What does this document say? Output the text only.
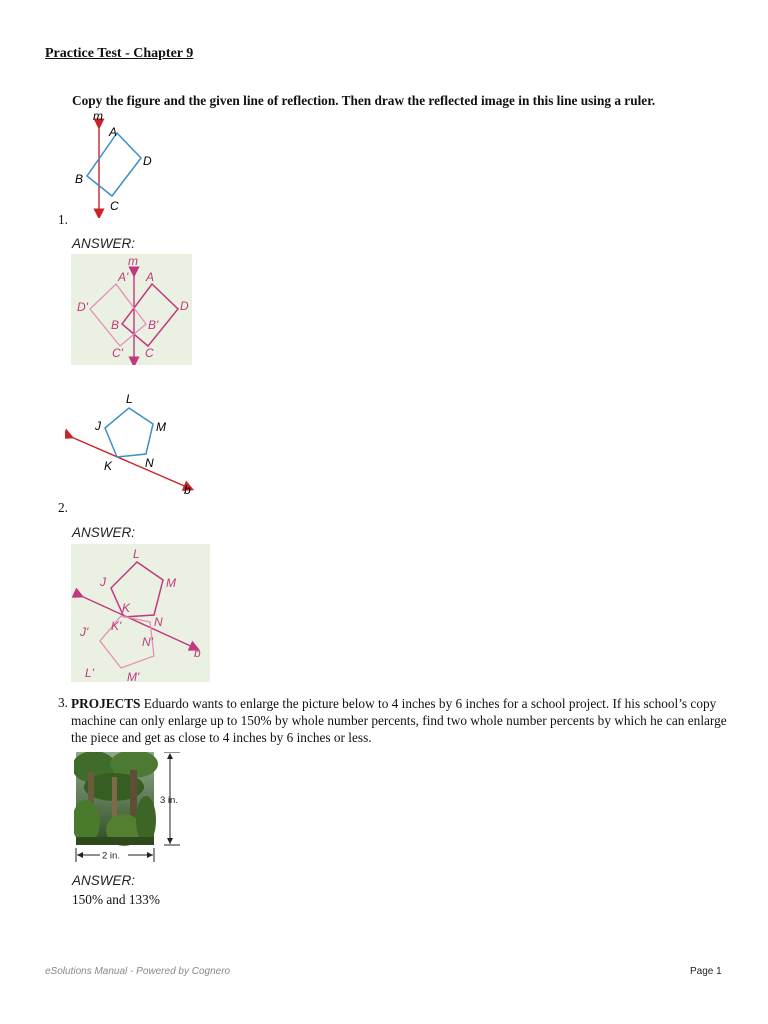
Practice Test - Chapter 9
Copy the figure and the given line of reflection. Then draw the reflected image in this line using a ruler.
m
A
D
B
C
1.
ANSWER:
m
A' A
D
D'
B B'
C' C
L
J	M
K	N
b
2.
ANSWER:
L
J	M
K
K'	N
N'
J'
b
L'	M'
3. PROJECTS Eduardo wants to enlarge the picture below to 4 inches by 6 inches for a school project. If his school’s copy machine can only enlarge up to 150% by whole number percents, find two whole number percents by which he can enlarge the piece and get as close to 4 inches by 6 inches or less.
3 in.
2 in.
ANSWER:
150% and 133%
eSolutions Manual - Powered by Cognero	Page 1
